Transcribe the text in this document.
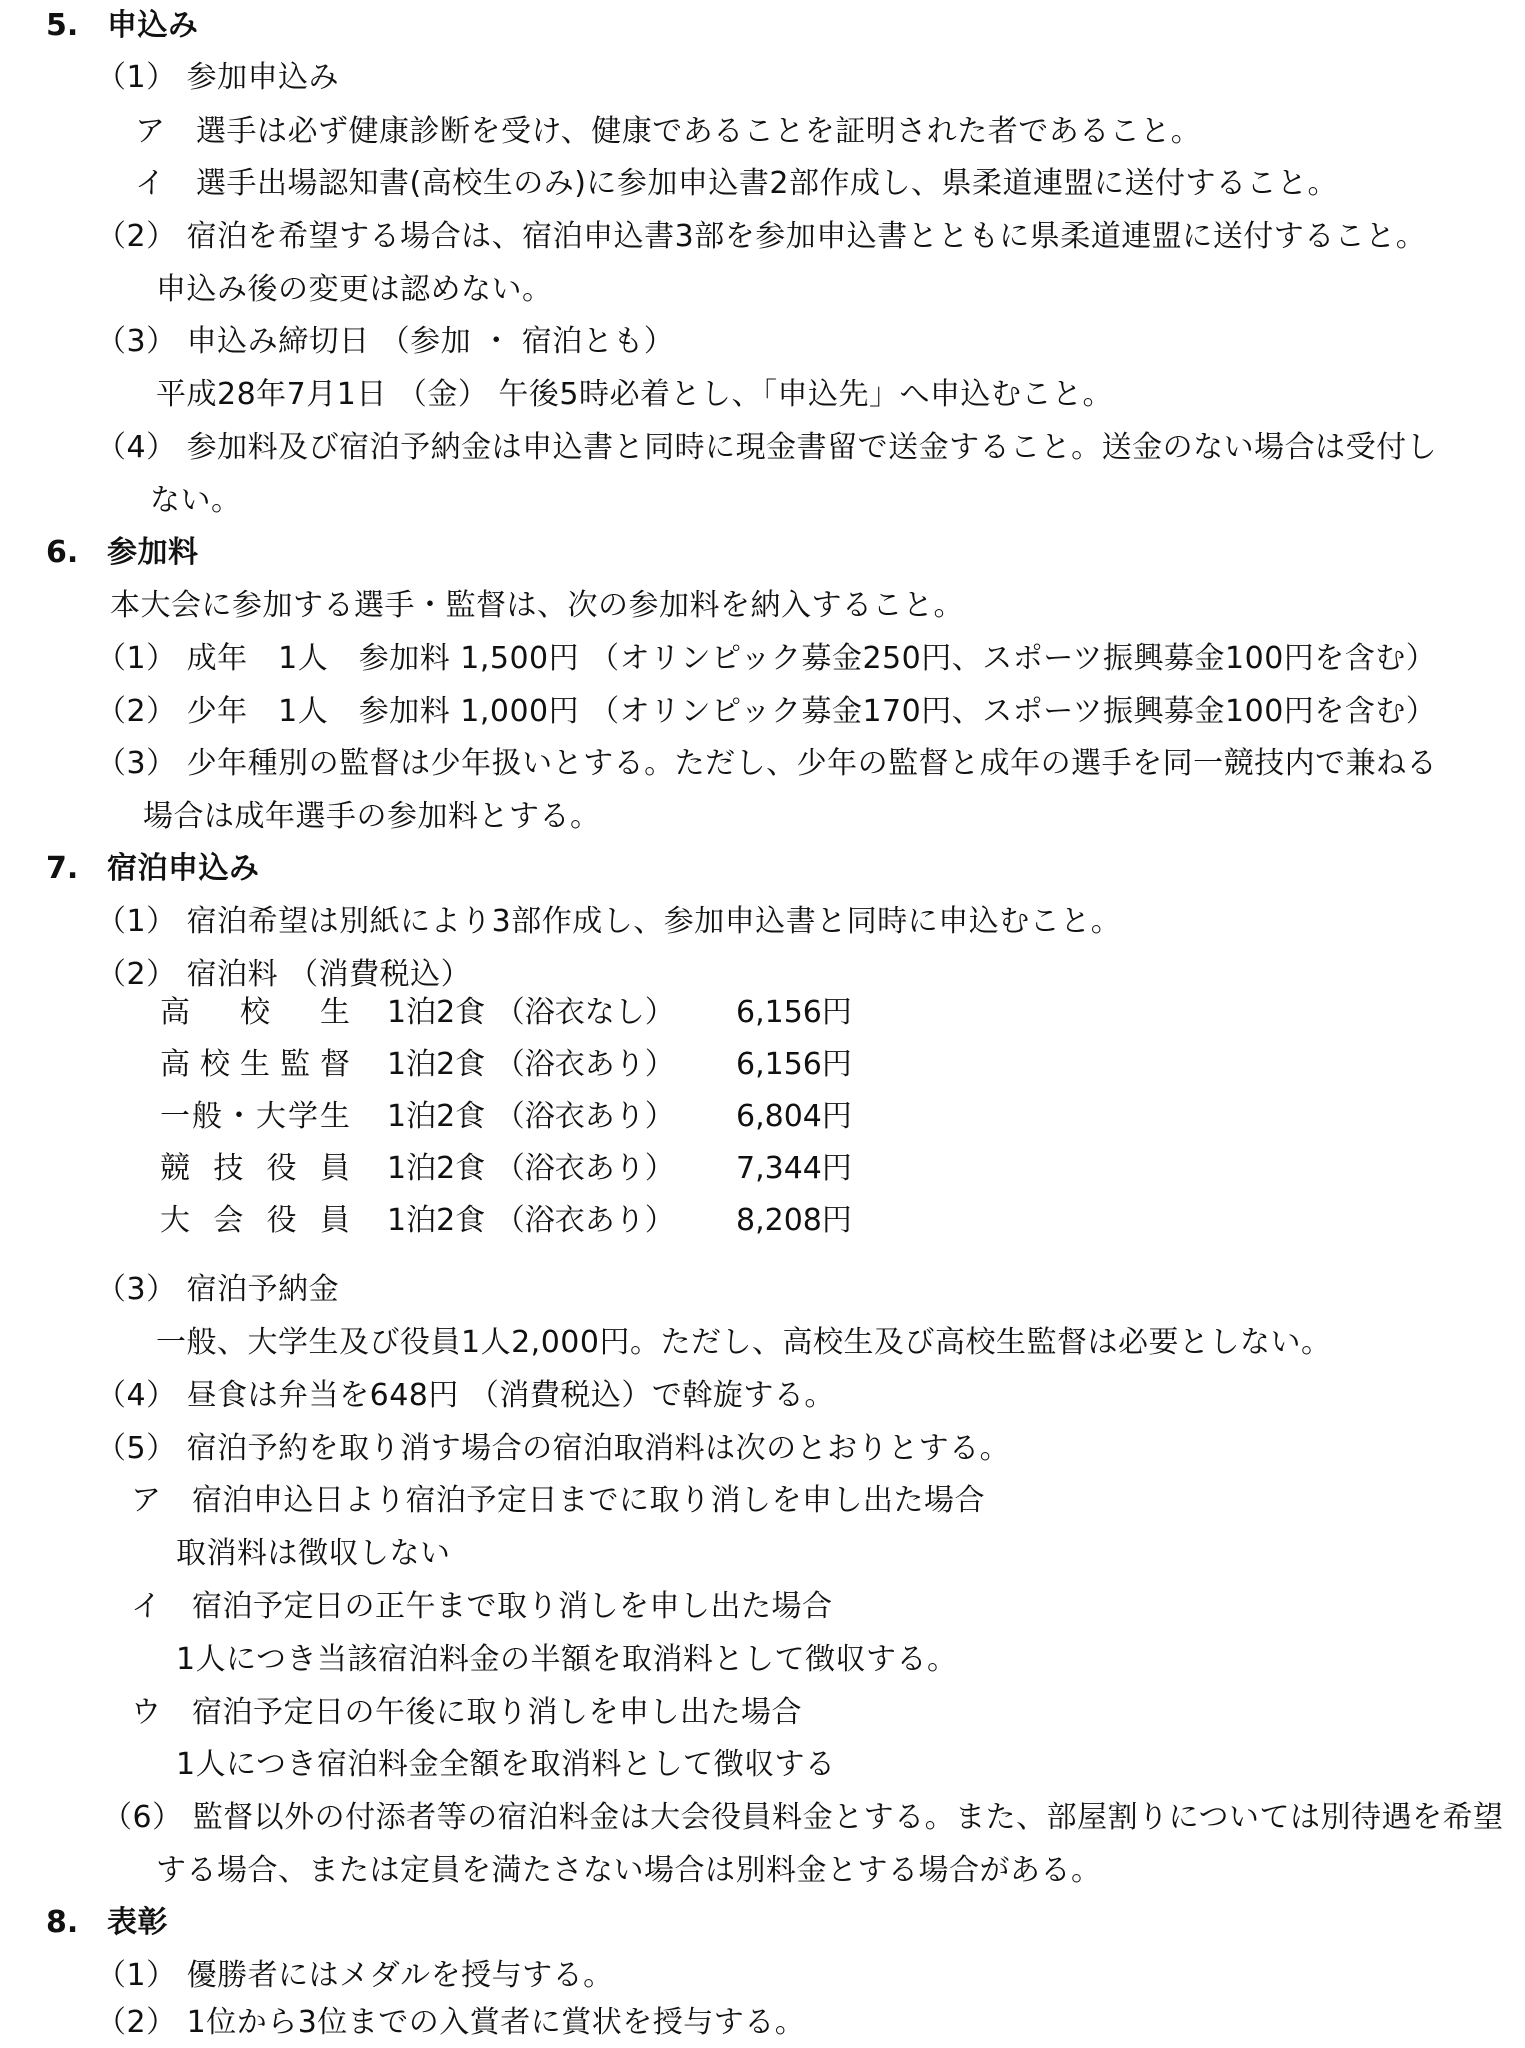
5. 申込み
（1） 参加申込み
ア　選手は必ず健康診断を受け、健康であることを証明された者であること。
イ　選手出場認知書(高校生のみ)に参加申込書2部作成し、県柔道連盟に送付すること。
（2） 宿泊を希望する場合は、宿泊申込書3部を参加申込書とともに県柔道連盟に送付すること。
申込み後の変更は認めない。
（3） 申込み締切日 （参加 ・ 宿泊とも）
平成28年7月1日 （金） 午後5時必着とし、「申込先」へ申込むこと。
（4） 参加料及び宿泊予納金は申込書と同時に現金書留で送金すること。送金のない場合は受付し
ない。
6. 参加料
本大会に参加する選手・監督は、次の参加料を納入すること。
（1） 成年　1人　参加料 1,500円 （オリンピック募金250円、スポーツ振興募金100円を含む）
（2） 少年　1人　参加料 1,000円 （オリンピック募金170円、スポーツ振興募金100円を含む）
（3） 少年種別の監督は少年扱いとする。ただし、少年の監督と成年の選手を同一競技内で兼ねる
場合は成年選手の参加料とする。
7. 宿泊申込み
（1） 宿泊希望は別紙により3部作成し、参加申込書と同時に申込むこと。
（2） 宿泊料 （消費税込）
高校生 1泊2食 （浴衣なし） 6,156円
高校生監督 1泊2食 （浴衣あり） 6,156円
一般・大学生 1泊2食 （浴衣あり） 6,804円
競技役員 1泊2食 （浴衣あり） 7,344円
大会役員 1泊2食 （浴衣あり） 8,208円
（3） 宿泊予納金
一般、大学生及び役員1人2,000円。ただし、高校生及び高校生監督は必要としない。
（4） 昼食は弁当を648円 （消費税込）で斡旋する。
（5） 宿泊予約を取り消す場合の宿泊取消料は次のとおりとする。
ア　宿泊申込日より宿泊予定日までに取り消しを申し出た場合
取消料は徴収しない
イ　宿泊予定日の正午まで取り消しを申し出た場合
1人につき当該宿泊料金の半額を取消料として徴収する。
ウ　宿泊予定日の午後に取り消しを申し出た場合
1人につき宿泊料金全額を取消料として徴収する
（6） 監督以外の付添者等の宿泊料金は大会役員料金とする。また、部屋割りについては別待遇を希望
する場合、または定員を満たさない場合は別料金とする場合がある。
8. 表彰
（1） 優勝者にはメダルを授与する。
（2） 1位から3位までの入賞者に賞状を授与する。
